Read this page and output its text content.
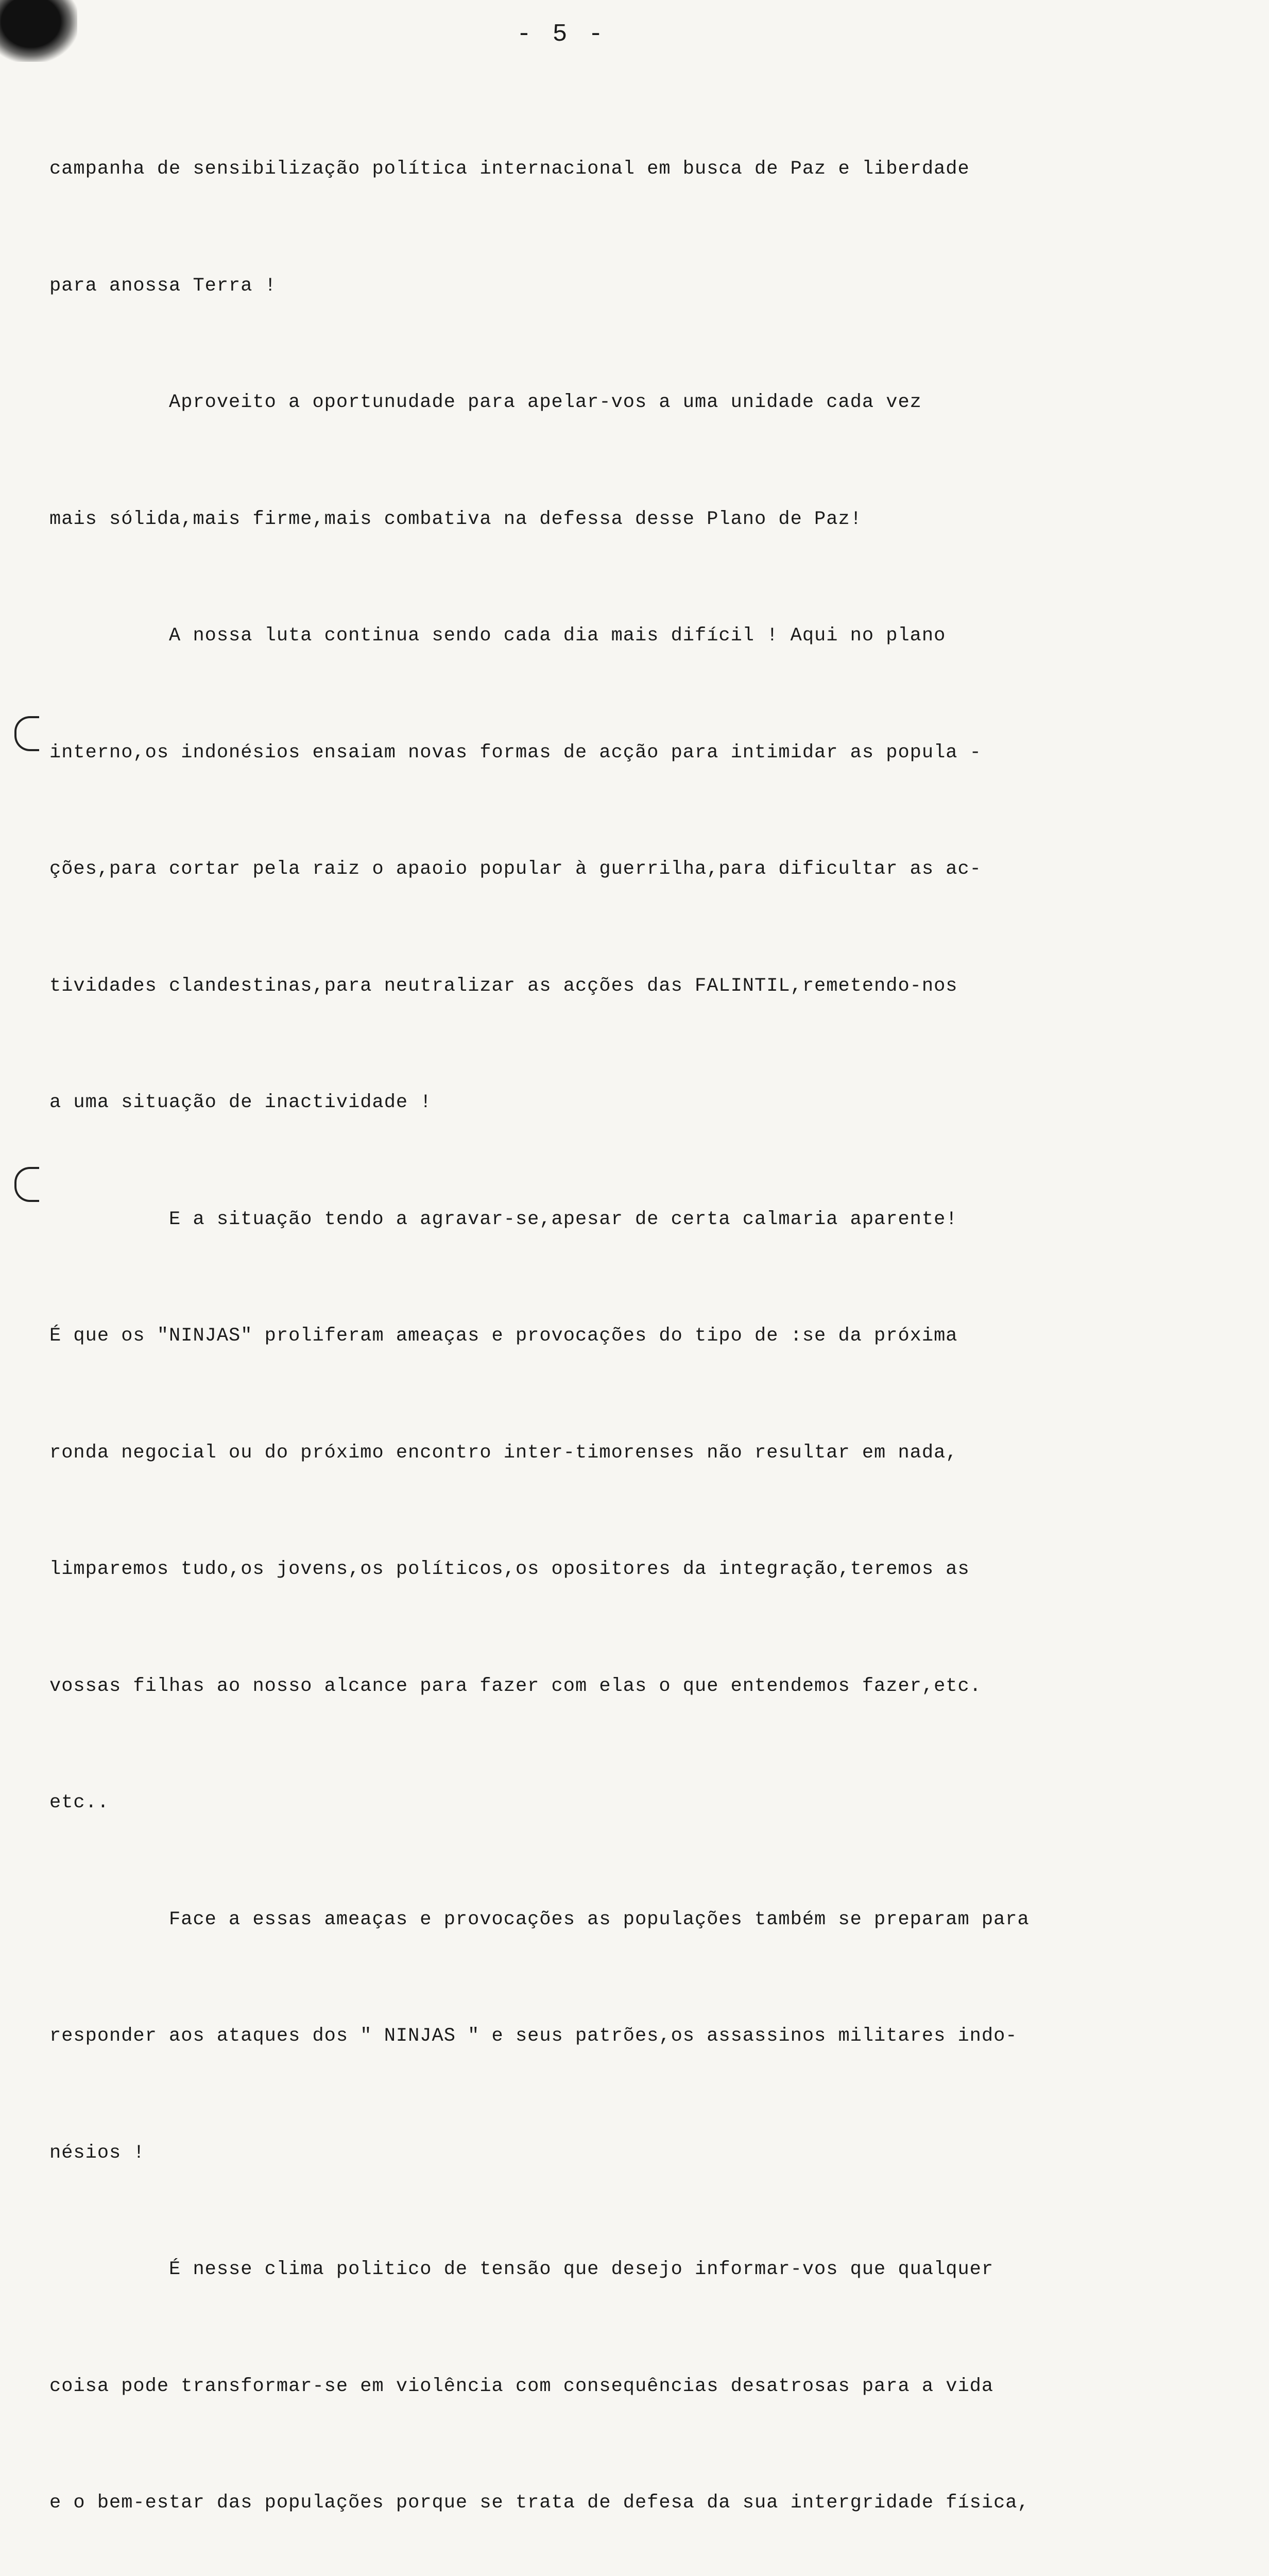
- 5 -

campanha de sensibilização política internacional em busca de Paz e liberdade

para anossa Terra !

Aproveito a oportunudade para apelar-vos a uma unidade cada vez

mais sólida,mais firme,mais combativa na defessa desse Plano de Paz!

A nossa luta continua sendo cada dia mais difícil ! Aqui no plano

interno,os indonésios ensaiam novas formas de acção para intimidar as popula -

ções,para cortar pela raiz o apaoio popular à guerrilha,para dificultar as ac-

tividades clandestinas,para neutralizar as acções das FALINTIL,remetendo-nos

a uma situação de inactividade !

E a situação tendo a agravar-se,apesar de certa calmaria aparente!

É que os "NINJAS" proliferam ameaças e provocações do tipo de :se da próxima

ronda negocial ou do próximo encontro inter-timorenses não resultar em nada,

limparemos tudo,os jovens,os políticos,os opositores da integração,teremos as

vossas filhas ao nosso alcance para fazer com elas o que entendemos fazer,etc.

etc..

Face a essas ameaças e provocações as populações também se preparam para

responder aos ataques dos " NINJAS " e seus patrões,os assassinos militares indo-

nésios !

É nesse clima politico de tensão que desejo informar-vos que qualquer

coisa pode transformar-se em violência com consequências desatrosas para a vida

e o bem-estar das populações porque se trata de defesa da sua intergridade física,
